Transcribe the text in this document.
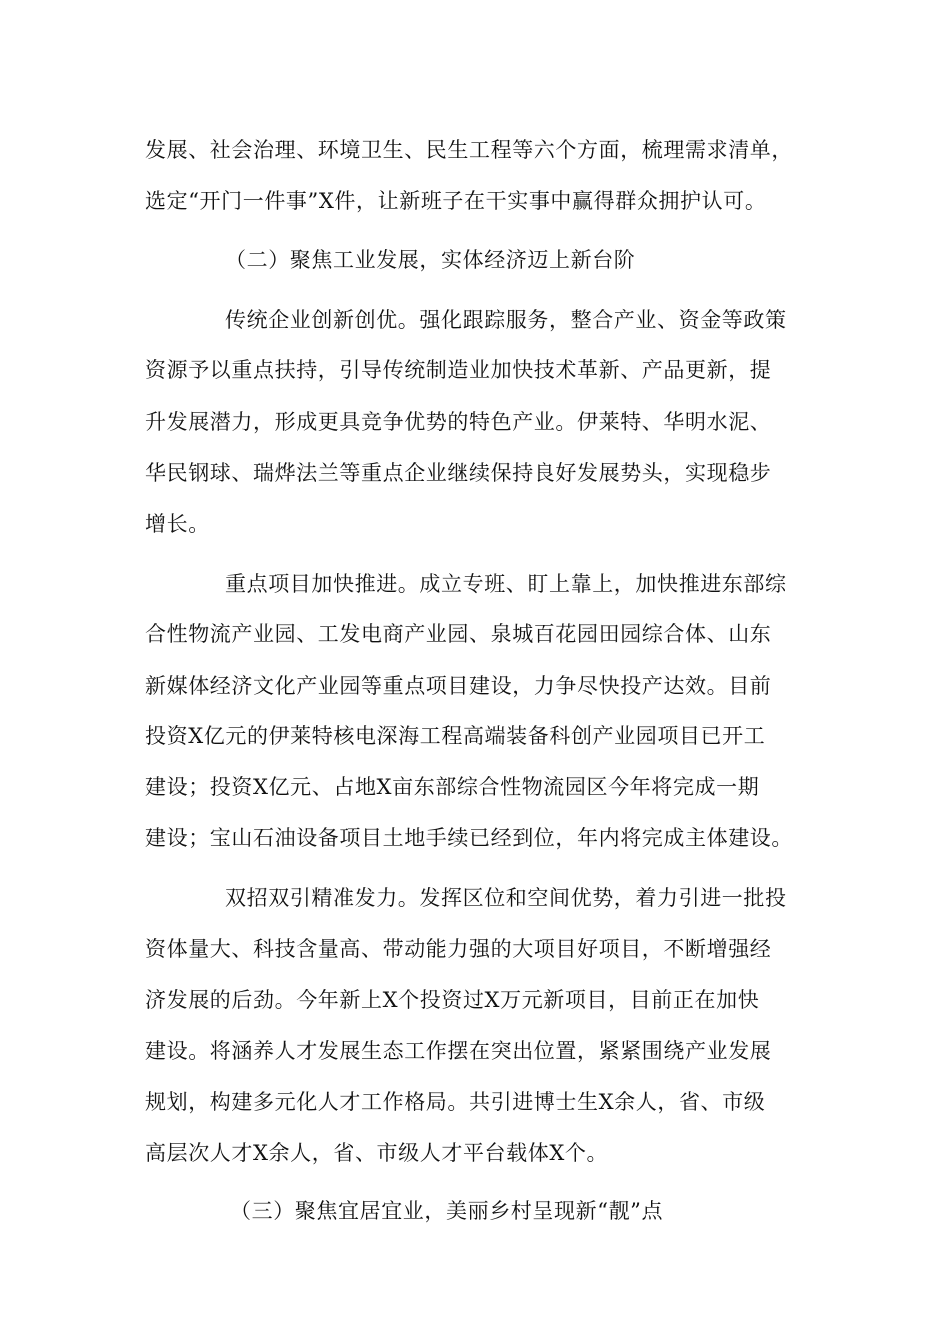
发展、社会治理、环境卫生、民生工程等六个方面，梳理需求清单，
选定“开门一件事”X件，让新班子在干实事中赢得群众拥护认可。
（二）聚焦工业发展，实体经济迈上新台阶
传统企业创新创优。强化跟踪服务，整合产业、资金等政策
资源予以重点扶持，引导传统制造业加快技术革新、产品更新，提
升发展潜力，形成更具竞争优势的特色产业。伊莱特、华明水泥、
华民钢球、瑞烨法兰等重点企业继续保持良好发展势头，实现稳步
增长。
重点项目加快推进。成立专班、盯上靠上，加快推进东部综
合性物流产业园、工发电商产业园、泉城百花园田园综合体、山东
新媒体经济文化产业园等重点项目建设，力争尽快投产达效。目前
投资X亿元的伊莱特核电深海工程高端装备科创产业园项目已开工
建设；投资X亿元、占地X亩东部综合性物流园区今年将完成一期
建设；宝山石油设备项目土地手续已经到位，年内将完成主体建设。
双招双引精准发力。发挥区位和空间优势，着力引进一批投
资体量大、科技含量高、带动能力强的大项目好项目，不断增强经
济发展的后劲。今年新上X个投资过X万元新项目，目前正在加快
建设。将涵养人才发展生态工作摆在突出位置，紧紧围绕产业发展
规划，构建多元化人才工作格局。共引进博士生X余人，省、市级
高层次人才X余人，省、市级人才平台载体X个。
（三）聚焦宜居宜业，美丽乡村呈现新“靓”点
